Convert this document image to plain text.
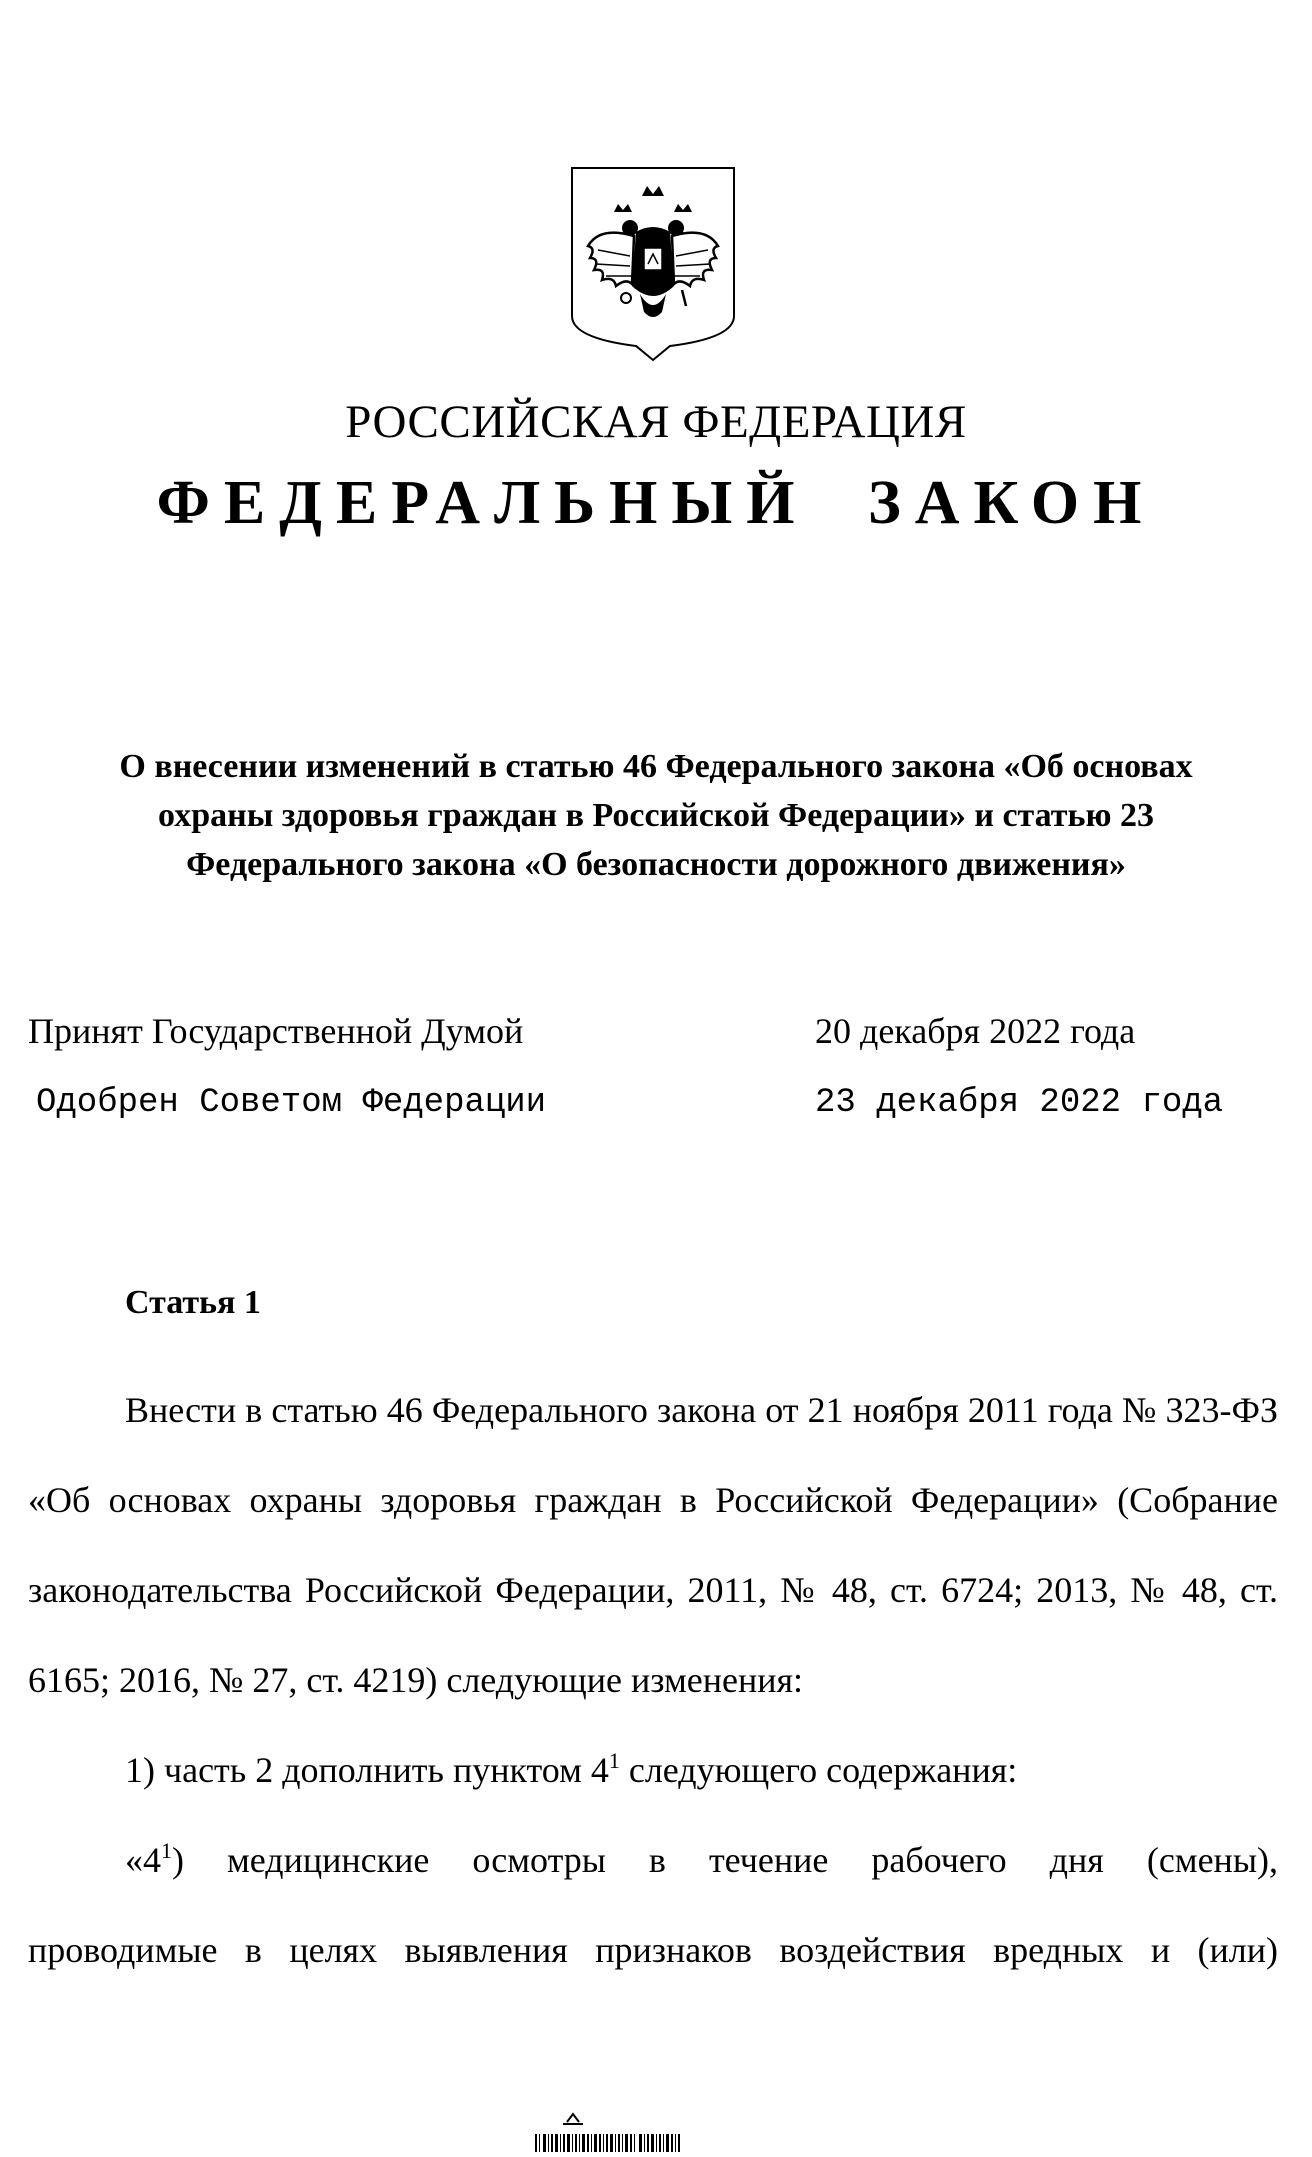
РОССИЙСКАЯ ФЕДЕРАЦИЯ
ФЕДЕРАЛЬНЫЙ ЗАКОН
О внесении изменений в статью 46 Федерального закона «Об основах
охраны здоровья граждан в Российской Федерации» и статью 23
Федерального закона «О безопасности дорожного движения»
Принят Государственной Думой	20 декабря 2022 года
Одобрен Советом Федерации	23 декабря 2022 года
Статья 1

Внести в статью 46 Федерального закона от 21 ноября 2011 года № 323-ФЗ «Об основах охраны здоровья граждан в Российской Федерации» (Собрание законодательства Российской Федерации, 2011, № 48, ст. 6724; 2013, № 48, ст. 6165; 2016, № 27, ст. 4219) следующие изменения:

1) часть 2 дополнить пунктом $4^1$ следующего содержания:

«$4^1$) медицинские осмотры в течение рабочего дня (смены),

проводимые в целях выявления признаков воздействия вредных и (или)
